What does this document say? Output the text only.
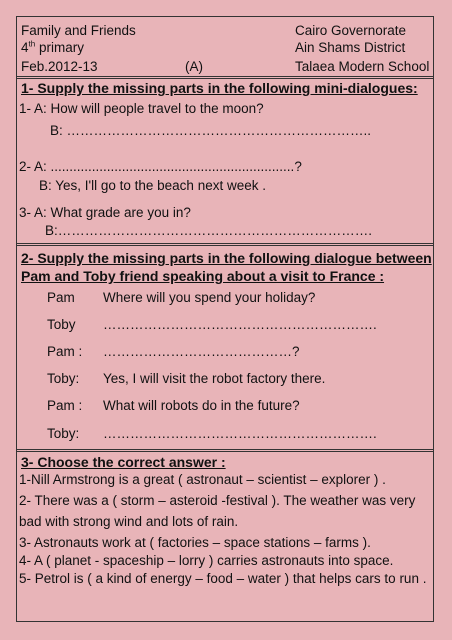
Family and Friends
4th primary
Feb.2012-13	(A)
Cairo Governorate
Ain Shams District
Talaea Modern School
1- Supply the missing parts in the following mini-dialogues:
1- A: How will people travel to the moon?
B: …………………………………………………………..
2- A: .................................................................?
B: Yes, I'll go to the beach next week .
3- A: What grade are you in?
B:…………………………………………………………….
2- Supply the missing parts in the following dialogue between
Pam and Toby friend speaking about a visit to France :
Pam Where will you spend your holiday?
Toby …………………………………………………….
Pam : ……………………………………?
Toby: Yes, I will visit the robot factory there.
Pam : What will robots do in the future?
Toby: …………………………………………………….
3- Choose the correct answer :
1-Nill Armstrong is a great ( astronaut – scientist – explorer ) .
2- There was a ( storm – asteroid -festival ). The weather was very
bad with strong wind and lots of rain.
3- Astronauts work at ( factories – space stations – farms ).
4- A ( planet - spaceship – lorry ) carries astronauts into space.
5- Petrol is ( a kind of energy – food – water ) that helps cars to run .
